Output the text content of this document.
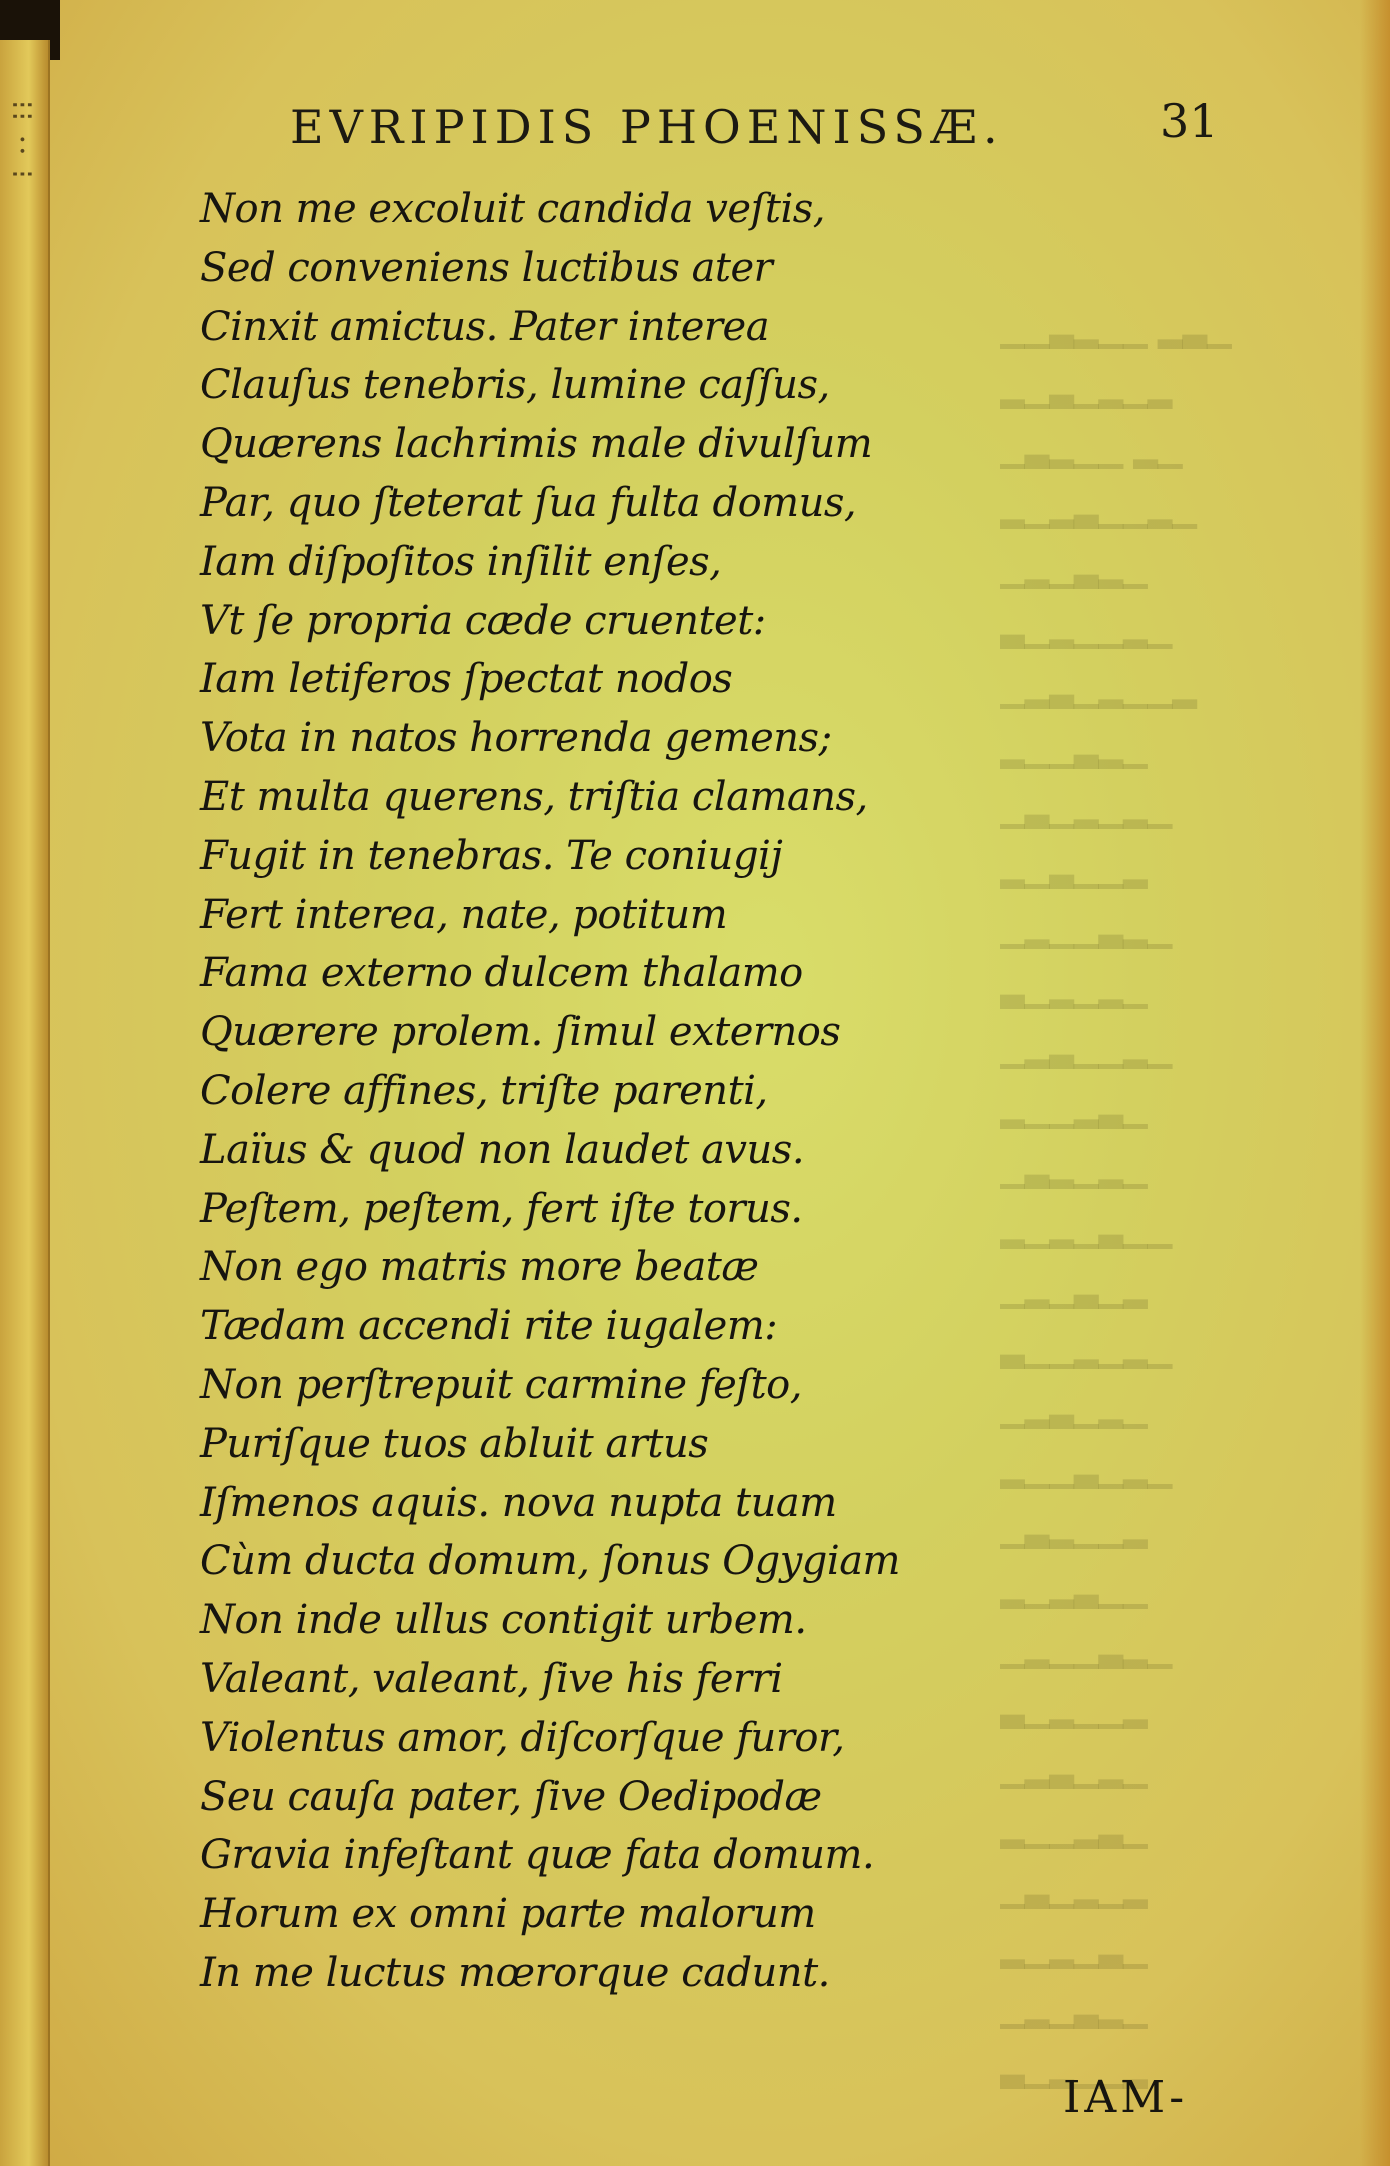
⁝⁝ ·· ⁝
▁▁▃▂▁▁ ▂▃▁
▂▁▃▁▂▁▂
▁▃▂▁▁ ▂▁
▂▁▂▃▁▁▂▁
▁▂▁▃▂▁
▃▁▂▁▁▂▁
▁▂▃▁▂▁▁▂
▂▁▁▃▂▁
▁▃▁▂▁▂▁
▂▁▃▁▁▂
▁▂▁▁▃▂▁
▃▁▂▁▂▁
▁▂▃▁▁▂▁
▂▁▁▂▃▁
▁▃▂▁▂▁
▂▁▂▁▃▁▁
▁▂▁▃▁▂
▃▁▁▂▁▂▁
▁▂▃▁▂▁
▂▁▁▃▁▂▁
▁▃▂▁▁▂
▂▁▂▃▁▁
▁▂▁▁▃▂▁
▃▁▂▁▁▂
▁▂▃▁▂▁
▂▁▁▂▃▁
▁▃▁▂▁▂
▂▁▂▁▃▁
▁▂▁▃▂▁
▃▁▂▁▁▂
EVRIPIDIS PHOENISSÆ.	31
Non me excoluit candida veſtis,
Sed conveniens luctibus ater
Cinxit amictus. Pater interea
Clauſus tenebris, lumine caſſus,
Quærens lachrimis male divulſum
Par, quo ſteterat ſua fulta domus,
Iam diſpoſitos inſilit enſes,
Vt ſe propria cæde cruentet:
Iam letiferos ſpectat nodos
Vota in natos horrenda gemens;
Et multa querens, triſtia clamans,
Fugit in tenebras. Te coniugij
Fert interea, nate, potitum
Fama externo dulcem thalamo
Quærere prolem. ſimul externos
Colere affines, triſte parenti,
Laïus & quod non laudet avus.
Peſtem, peſtem, fert iſte torus.
Non ego matris more beatæ
Tædam accendi rite iugalem:
Non perſtrepuit carmine feſto,
Puriſque tuos abluit artus
Iſmenos aquis. nova nupta tuam
Cùm ducta domum, ſonus Ogygiam
Non inde ullus contigit urbem.
Valeant, valeant, ſive his ferri
Violentus amor, diſcorſque furor,
Seu cauſa pater, ſive Oedipodæ
Gravia infeſtant quæ fata domum.
Horum ex omni parte malorum
In me luctus mœrorque cadunt.
IAM-
